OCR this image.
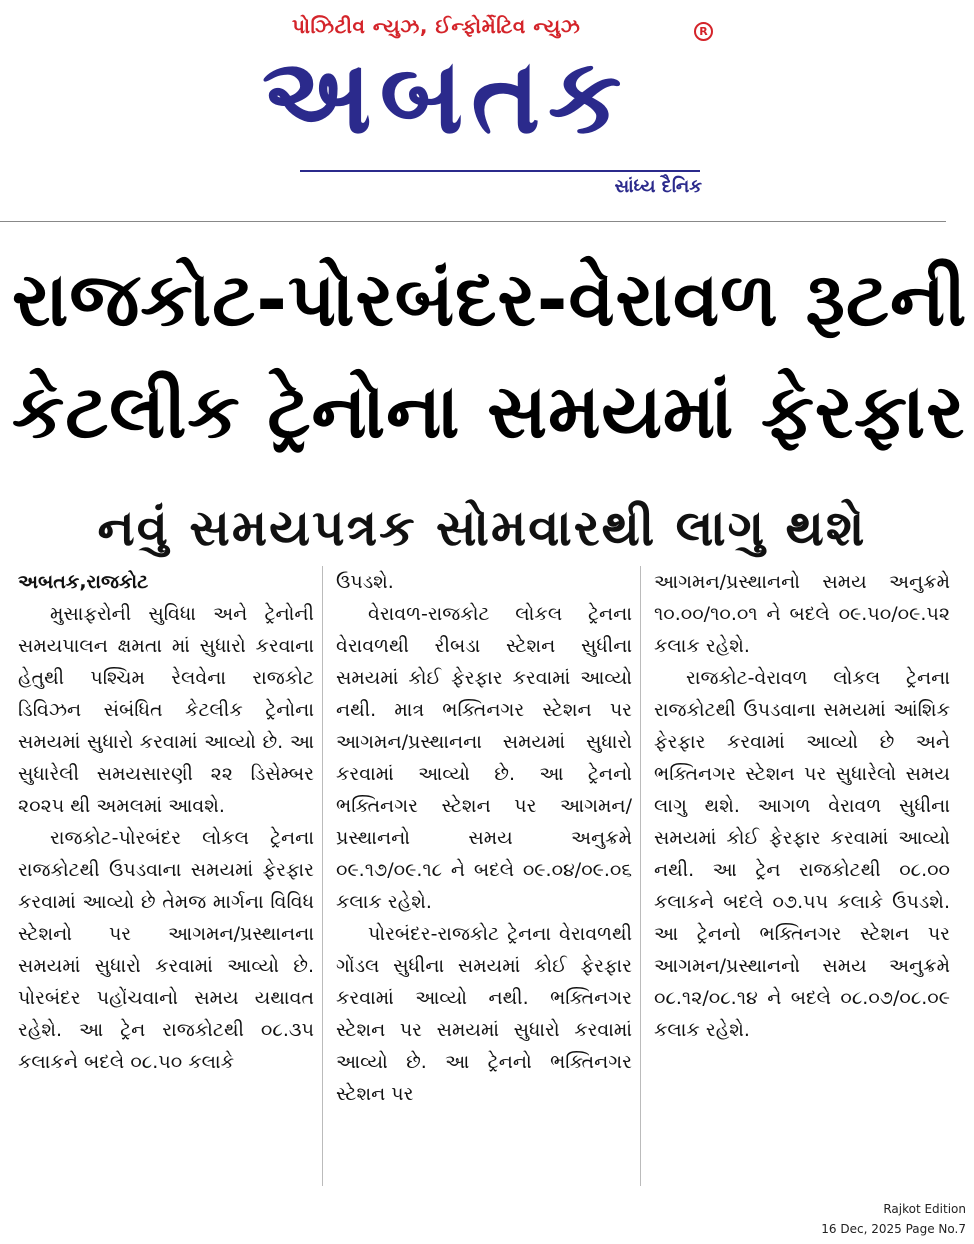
પોઝિટીવ ન્યુઝ, ઈન્ફોર્મેટિવ ન્યુઝ
અબતક
R
સાંધ્ય દૈનિક
રાજકોટ-પોરબંદર-વેરાવળ રૂટની
કેટલીક ટ્રેનોના સમયમાં ફેરફાર
નવું સમયપત્રક સોમવારથી લાગુ થશે

અબતક,રાજકોટ

મુસાફરોની સુવિધા અને ટ્રેનોની સમયપાલન ક્ષમતા માં સુધારો કરવાના હેતુથી પશ્ચિમ રેલવેના રાજકોટ ડિવિઝન સંબંધિત કેટલીક ટ્રેનોના સમયમાં સુધારો કરવામાં આવ્યો છે. આ સુધારેલી સમયસારણી ૨૨ ડિસેમ્બર ૨૦૨૫ થી અમલમાં આવશે.

રાજકોટ-પોરબંદર લોકલ ટ્રેનના રાજકોટથી ઉપડવાના સમયમાં ફેરફાર કરવામાં આવ્યો છે તેમજ માર્ગના વિવિધ સ્ટેશનો પર આગમન/પ્રસ્થાનના સમયમાં સુધારો કરવામાં આવ્યો છે. પોરબંદર પહોંચવાનો સમય યથાવત રહેશે. આ ટ્રેન રાજકોટથી ૦૮.૩૫ કલાકને બદલે ૦૮.૫૦ કલાકે

ઉપડશે.

વેરાવળ-રાજકોટ લોકલ ટ્રેનના વેરાવળથી રીબડા સ્ટેશન સુધીના સમયમાં કોઈ ફેરફાર કરવામાં આવ્યો નથી. માત્ર ભક્તિનગર સ્ટેશન પર આગમન/પ્રસ્થાનના સમયમાં સુધારો કરવામાં આવ્યો છે. આ ટ્રેનનો ભક્તિનગર સ્ટેશન પર આગમન/પ્રસ્થાનનો સમય અનુક્રમે ૦૯.૧૭/૦૯.૧૮ ને બદલે ૦૯.૦૪/૦૯.૦૬ કલાક રહેશે.

પોરબંદર-રાજકોટ ટ્રેનના વેરાવળથી ગોંડલ સુધીના સમયમાં કોઈ ફેરફાર કરવામાં આવ્યો નથી. ભક્તિનગર સ્ટેશન પર સમયમાં સુધારો કરવામાં આવ્યો છે. આ ટ્રેનનો ભક્તિનગર સ્ટેશન પર

આગમન/પ્રસ્થાનનો સમય અનુક્રમે ૧૦.૦૦/૧૦.૦૧ ને બદલે ૦૯.૫૦/૦૯.૫૨ કલાક રહેશે.

રાજકોટ-વેરાવળ લોકલ ટ્રેનના રાજકોટથી ઉપડવાના સમયમાં આંશિક ફેરફાર કરવામાં આવ્યો છે અને ભક્તિનગર સ્ટેશન પર સુધારેલો સમય લાગુ થશે. આગળ વેરાવળ સુધીના સમયમાં કોઈ ફેરફાર કરવામાં આવ્યો નથી. આ ટ્રેન રાજકોટથી ૦૮.૦૦ કલાકને બદલે ૦૭.૫૫ કલાકે ઉપડશે. આ ટ્રેનનો ભક્તિનગર સ્ટેશન પર આગમન/પ્રસ્થાનનો સમય અનુક્રમે ૦૮.૧૨/૦૮.૧૪ ને બદલે ૦૮.૦૭/૦૮.૦૯ કલાક રહેશે.

Rajkot Edition
16 Dec, 2025 Page No.7
